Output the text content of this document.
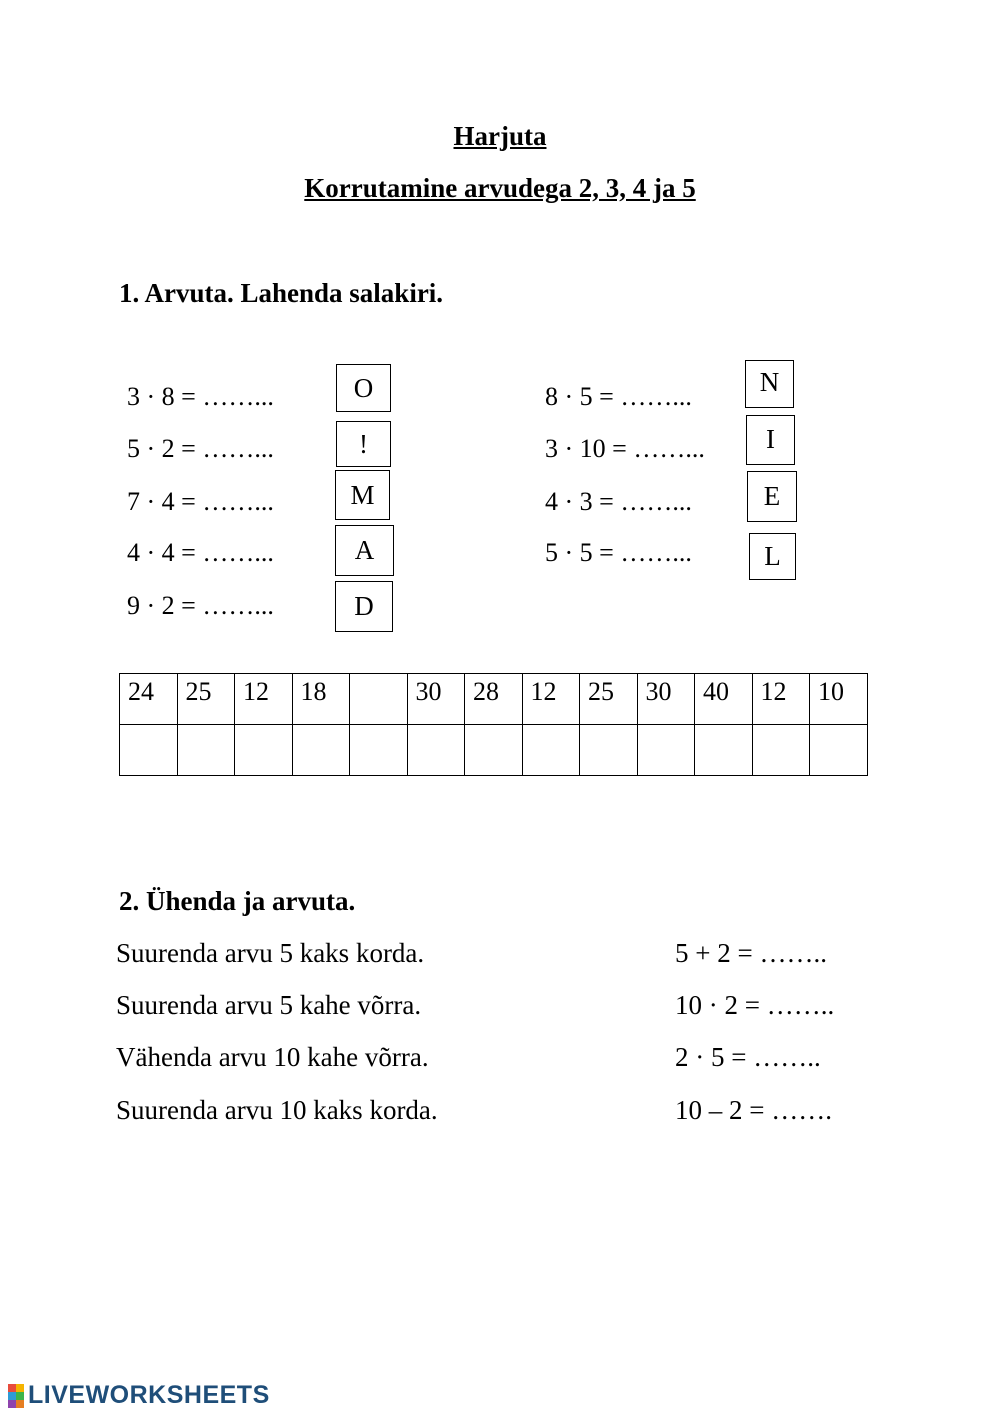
Harjuta
Korrutamine arvudega 2, 3, 4 ja 5
1. Arvuta. Lahenda salakiri.
3 · 8 = ……...
5 · 2 = ……...
7 · 4 = ……...
4 · 4 = ……...
9 · 2 = ……...
O
!
M
A
D
8 · 5 = ……...
3 · 10 = ……...
4 · 3 = ……...
5 · 5 = ……...
N
I
E
L
24	25	12	18		30	28	12	25	30	40	12	10

2. Ühenda ja arvuta.
Suurenda arvu 5 kaks korda.
Suurenda arvu 5 kahe võrra.
Vähenda arvu 10 kahe võrra.
Suurenda arvu 10 kaks korda.
5 + 2 = ……..
10 · 2 = ……..
2 · 5 = ……..
10 – 2 = …….
LIVEWORKSHEETS
